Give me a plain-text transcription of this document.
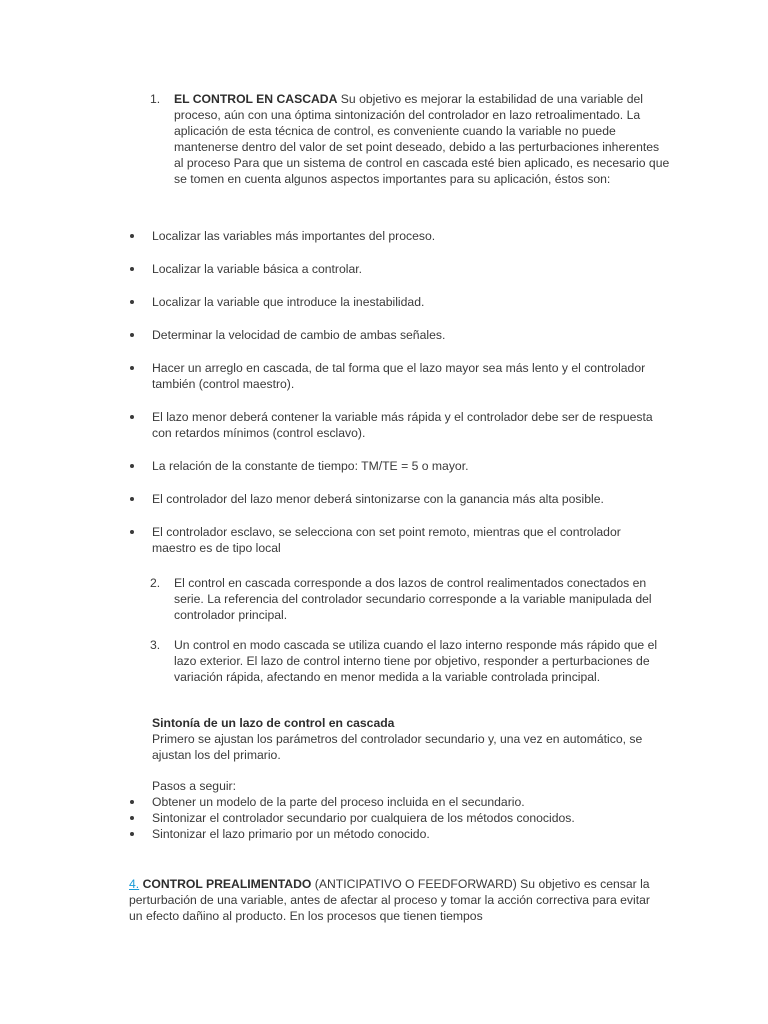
1.	EL CONTROL EN CASCADA Su objetivo es mejorar la estabilidad de una variable del proceso, aún con una óptima sintonización del controlador en lazo retroalimentado. La aplicación de esta técnica de control, es conveniente cuando la variable no puede mantenerse dentro del valor de set point deseado, debido a las perturbaciones inherentes al proceso Para que un sistema de control en cascada esté bien aplicado, es necesario que se tomen en cuenta algunos aspectos importantes para su aplicación, éstos son:
Localizar las variables más importantes del proceso.
Localizar la variable básica a controlar.
Localizar la variable que introduce la inestabilidad.
Determinar la velocidad de cambio de ambas señales.
Hacer un arreglo en cascada, de tal forma que el lazo mayor sea más lento y el controlador también (control maestro).
El lazo menor deberá contener la variable más rápida y el controlador debe ser de respuesta con retardos mínimos (control esclavo).
La relación de la constante de tiempo: TM/TE = 5 o mayor.
El controlador del lazo menor deberá sintonizarse con la ganancia más alta posible.
El controlador esclavo, se selecciona con set point remoto, mientras que el controlador maestro es de tipo local
2.	El control en cascada corresponde a dos lazos de control realimentados conectados en serie. La referencia del controlador secundario corresponde a la variable manipulada del controlador principal.
3.	Un control en modo cascada se utiliza cuando el lazo interno responde más rápido que el lazo exterior. El lazo de control interno tiene por objetivo, responder a perturbaciones de variación rápida, afectando en menor medida a la variable controlada principal.
Sintonía de un lazo de control en cascada
Primero se ajustan los parámetros del controlador secundario y, una vez en automático, se ajustan los del primario.
Pasos a seguir:
Obtener un modelo de la parte del proceso incluida en el secundario.
Sintonizar el controlador secundario por cualquiera de los métodos conocidos.
Sintonizar el lazo primario por un método conocido.
4. CONTROL PREALIMENTADO (ANTICIPATIVO O FEEDFORWARD) Su objetivo es censar la perturbación de una variable, antes de afectar al proceso y tomar la acción correctiva para evitar un efecto dañino al producto. En los procesos que tienen tiempos
